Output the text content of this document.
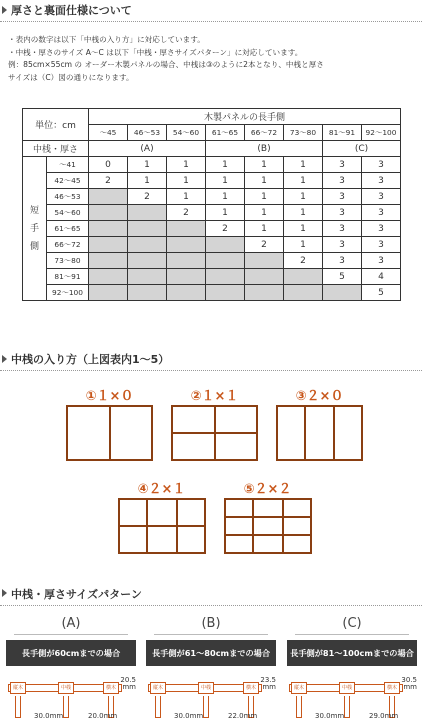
厚さと裏面仕様について

・表内の数字は以下「中桟の入り方」に対応しています。

・中桟・厚さのサイズ A〜C は以下「中桟・厚さサイズパターン」に対応しています。

例：85cm×55cm の オーダー木製パネルの場合、中桟は③のように2本となり、中桟と厚さ

サイズは（C）図の通りになります。

単位：cm		木製パネルの長手側							
		〜45	46〜53	54〜60	61〜65	66〜72	73〜80	81〜91	92〜100
中桟・厚さ		(A)			(B)			(C)	

短
手
側	〜41	0	1	1	1	1	1	3	3
	42〜45	2	1	1	1	1	1	3	3
	46〜53		2	1	1	1	1	3	3
	54〜60			2	1	1	1	3	3
	61〜65				2	1	1	3	3
	66〜72					2	1	3	3
	73〜80						2	3	3
	81〜91							5	4
	92〜100								5
中桟の入り方（上図表内1〜5）
①１×０	②１×１	③２×０
④２×１	⑤２×２
中桟・厚さサイズパターン
(A)
長手側が60cmまでの場合
縦木	中桟	横木
20.5
mm
30.0mm	20.0mm
(B)
長手側が61〜80cmまでの場合
縦木	中桟	横木
23.5
mm
30.0mm	22.0mm
(C)
長手側が81〜100cmまでの場合
縦木	中桟	横木
30.5
mm
30.0mm	29.0mm
